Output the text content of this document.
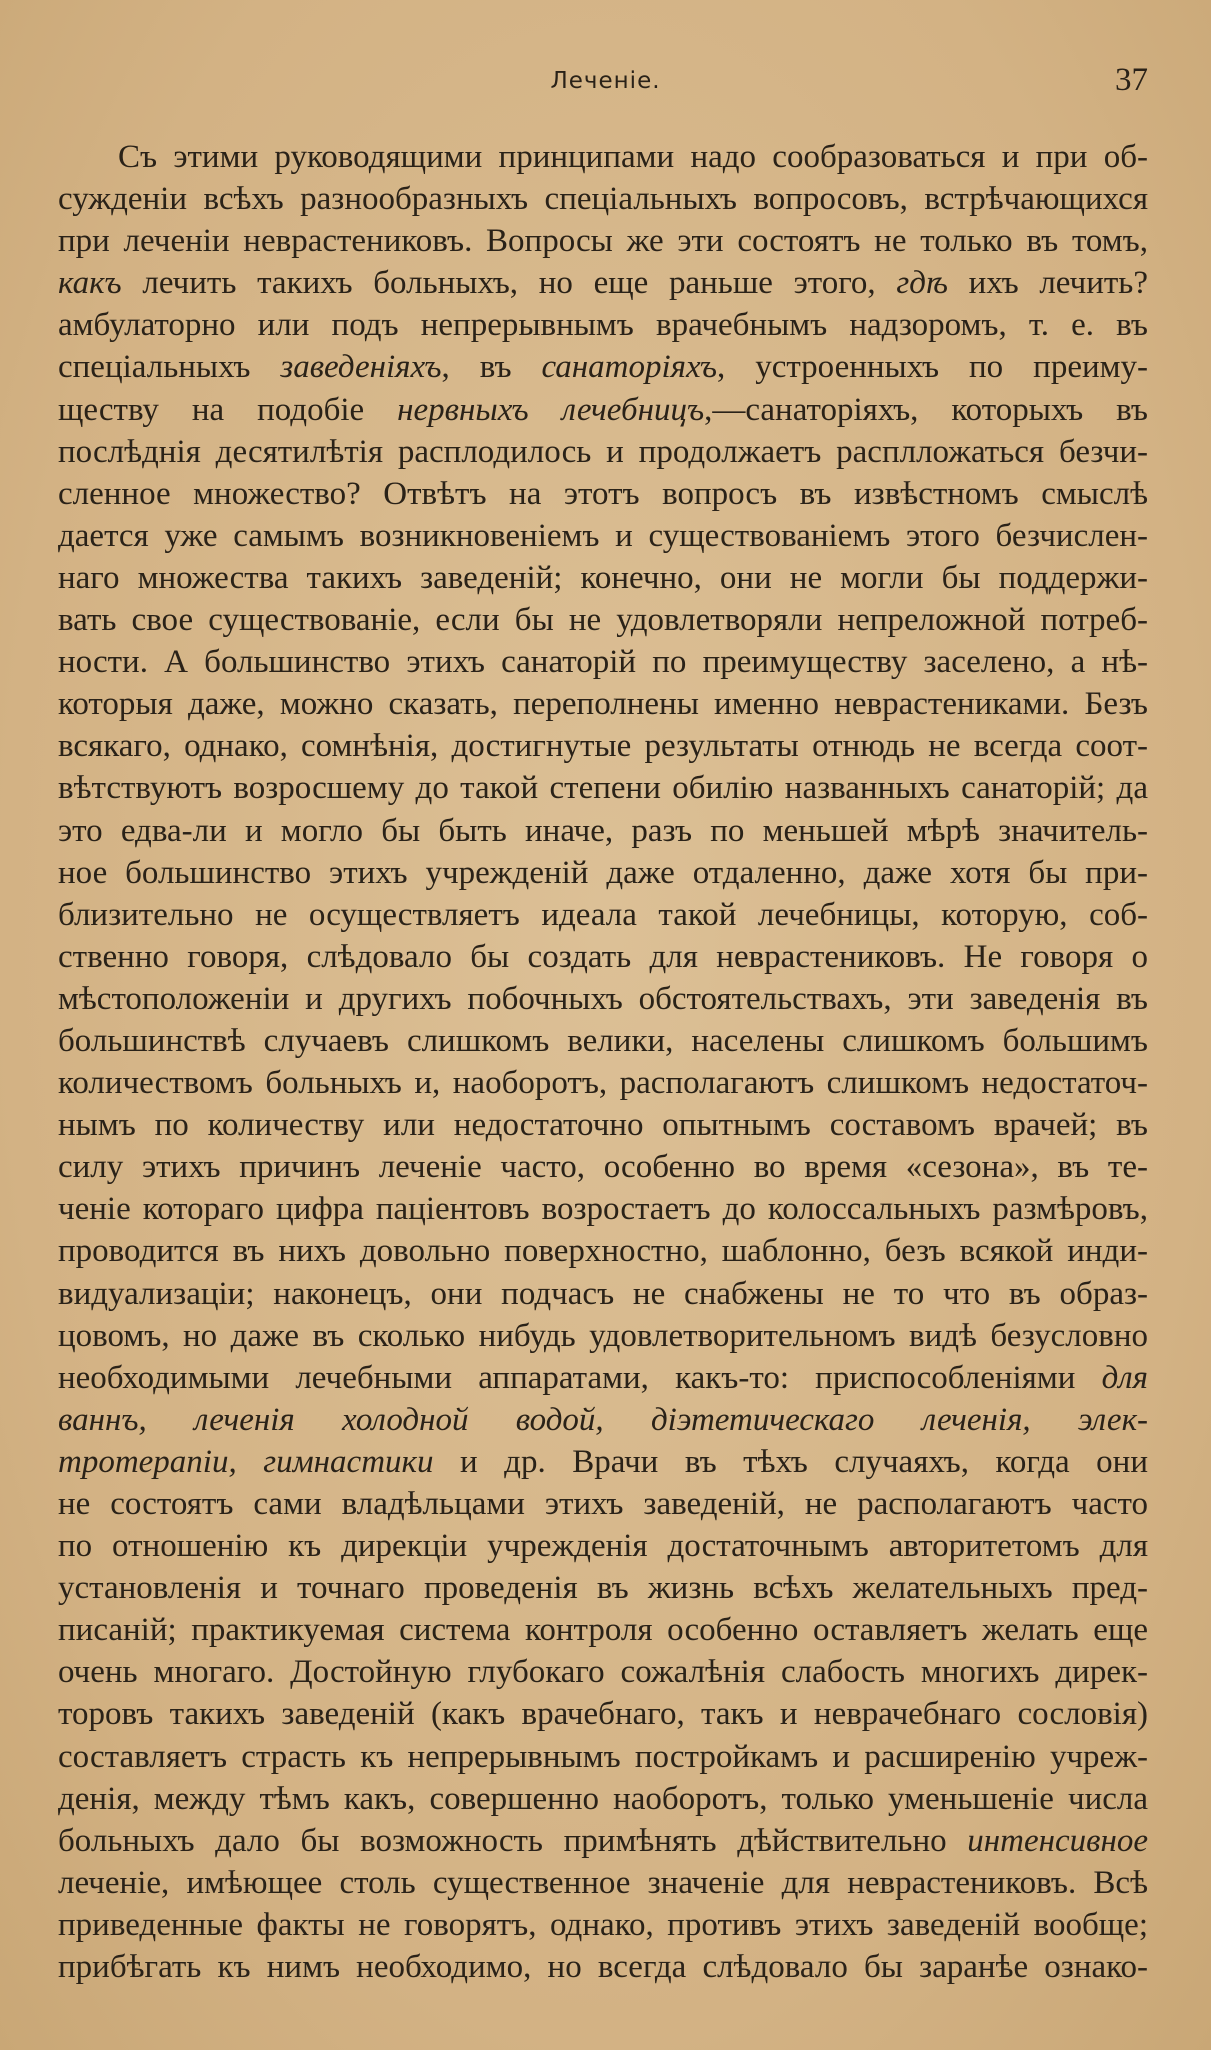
Леченіе.	37
Съ этими руководящими принципами надо сообразоваться и при об-
сужденіи всѣхъ разнообразныхъ спеціальныхъ вопросовъ, встрѣчающихся
при леченіи неврастениковъ. Вопросы же эти состоятъ не только въ томъ,
какъ лечить такихъ больныхъ, но еще раньше этого, гдѣ ихъ лечить?
амбулаторно или подъ непрерывнымъ врачебнымъ надзоромъ, т. е. въ
спеціальныхъ заведеніяхъ, въ санаторіяхъ, устроенныхъ по преиму-
ществу на подобіе нервныхъ лечебницъ,—санаторіяхъ, которыхъ въ
послѣднія десятилѣтія расплодилось и продолжаетъ расплложаться безчи-
сленное множество? Отвѣтъ на этотъ вопросъ въ извѣстномъ смыслѣ
дается уже самымъ возникновеніемъ и существованіемъ этого безчислен-
наго множества такихъ заведеній; конечно, они не могли бы поддержи-
вать свое существованіе, если бы не удовлетворяли непреложной потреб-
ности. А большинство этихъ санаторій по преимуществу заселено, а нѣ-
которыя даже, можно сказать, переполнены именно неврастениками. Безъ
всякаго, однако, сомнѣнія, достигнутые результаты отнюдь не всегда соот-
вѣтствуютъ возросшему до такой степени обилію названныхъ санаторій; да
это едва-ли и могло бы быть иначе, разъ по меньшей мѣрѣ значитель-
ное большинство этихъ учрежденій даже отдаленно, даже хотя бы при-
близительно не осуществляетъ идеала такой лечебницы, которую, соб-
ственно говоря, слѣдовало бы создать для неврастениковъ. Не говоря о
мѣстоположеніи и другихъ побочныхъ обстоятельствахъ, эти заведенія въ
большинствѣ случаевъ слишкомъ велики, населены слишкомъ большимъ
количествомъ больныхъ и, наоборотъ, располагаютъ слишкомъ недостаточ-
нымъ по количеству или недостаточно опытнымъ составомъ врачей; въ
силу этихъ причинъ леченіе часто, особенно во время «сезона», въ те-
ченіе котораго цифра паціентовъ возростаетъ до колоссальныхъ размѣровъ,
проводится въ нихъ довольно поверхностно, шаблонно, безъ всякой инди-
видуализаціи; наконецъ, они подчасъ не снабжены не то что въ образ-
цовомъ, но даже въ сколько нибудь удовлетворительномъ видѣ безусловно
необходимыми лечебными аппаратами, какъ-то: приспособленіями для
ваннъ, леченія холодной водой, діэтетическаго леченія, элек-
тротерапіи, гимнастики и др. Врачи въ тѣхъ случаяхъ, когда они
не состоятъ сами владѣльцами этихъ заведеній, не располагаютъ часто
по отношенію къ дирекціи учрежденія достаточнымъ авторитетомъ для
установленія и точнаго проведенія въ жизнь всѣхъ желательныхъ пред-
писаній; практикуемая система контроля особенно оставляетъ желать еще
очень многаго. Достойную глубокаго сожалѣнія слабость многихъ дирек-
торовъ такихъ заведеній (какъ врачебнаго, такъ и неврачебнаго сословія)
составляетъ страсть къ непрерывнымъ постройкамъ и расширенію учреж-
денія, между тѣмъ какъ, совершенно наоборотъ, только уменьшеніе числа
больныхъ дало бы возможность примѣнять дѣйствительно интенсивное
леченіе, имѣющее столь существенное значеніе для неврастениковъ. Всѣ
приведенные факты не говорятъ, однако, противъ этихъ заведеній вообще;
прибѣгать къ нимъ необходимо, но всегда слѣдовало бы заранѣе ознако-
